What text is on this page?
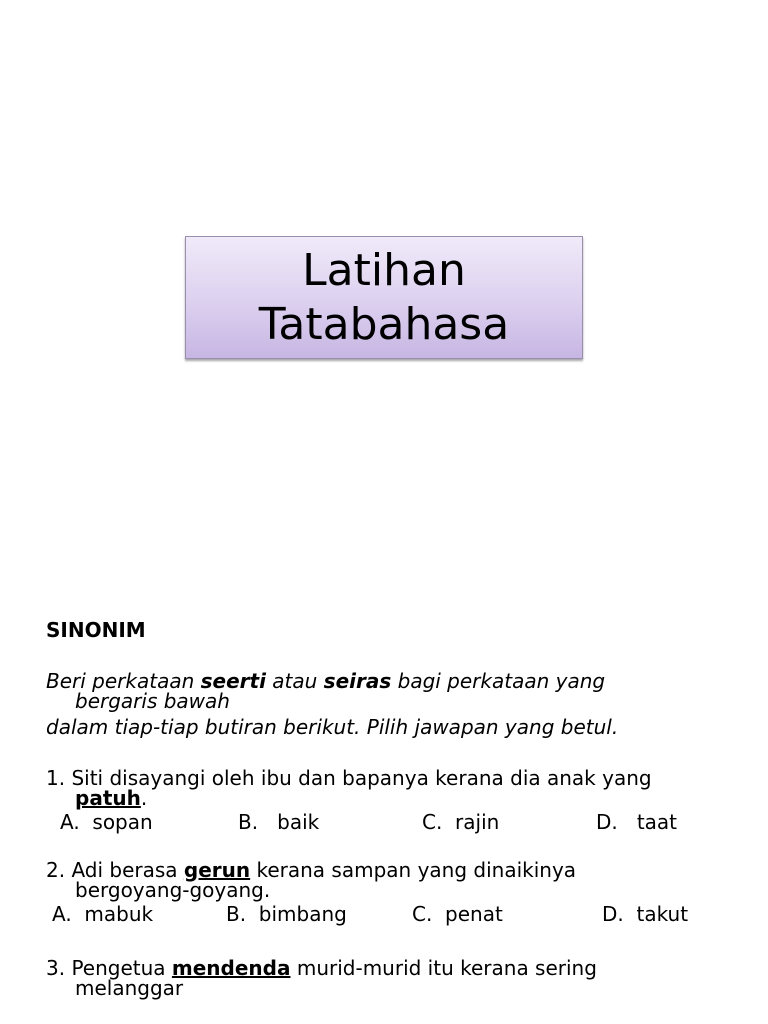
Latihan
Tatabahasa

SINONIM

Beri perkataan seerti atau seiras bagi perkataan yang

bergaris bawah

dalam tiap-tiap butiran berikut. Pilih jawapan yang betul.

1. Siti disayangi oleh ibu dan bapanya kerana dia anak yang

patuh.

A.  sopan	B.   baik	C.  rajin	D.   taat

2. Adi berasa gerun kerana sampan yang dinaikinya

bergoyang-goyang.

A.  mabuk	B.  bimbang	C.  penat	D.  takut

3. Pengetua mendenda murid-murid itu kerana sering

melanggar
